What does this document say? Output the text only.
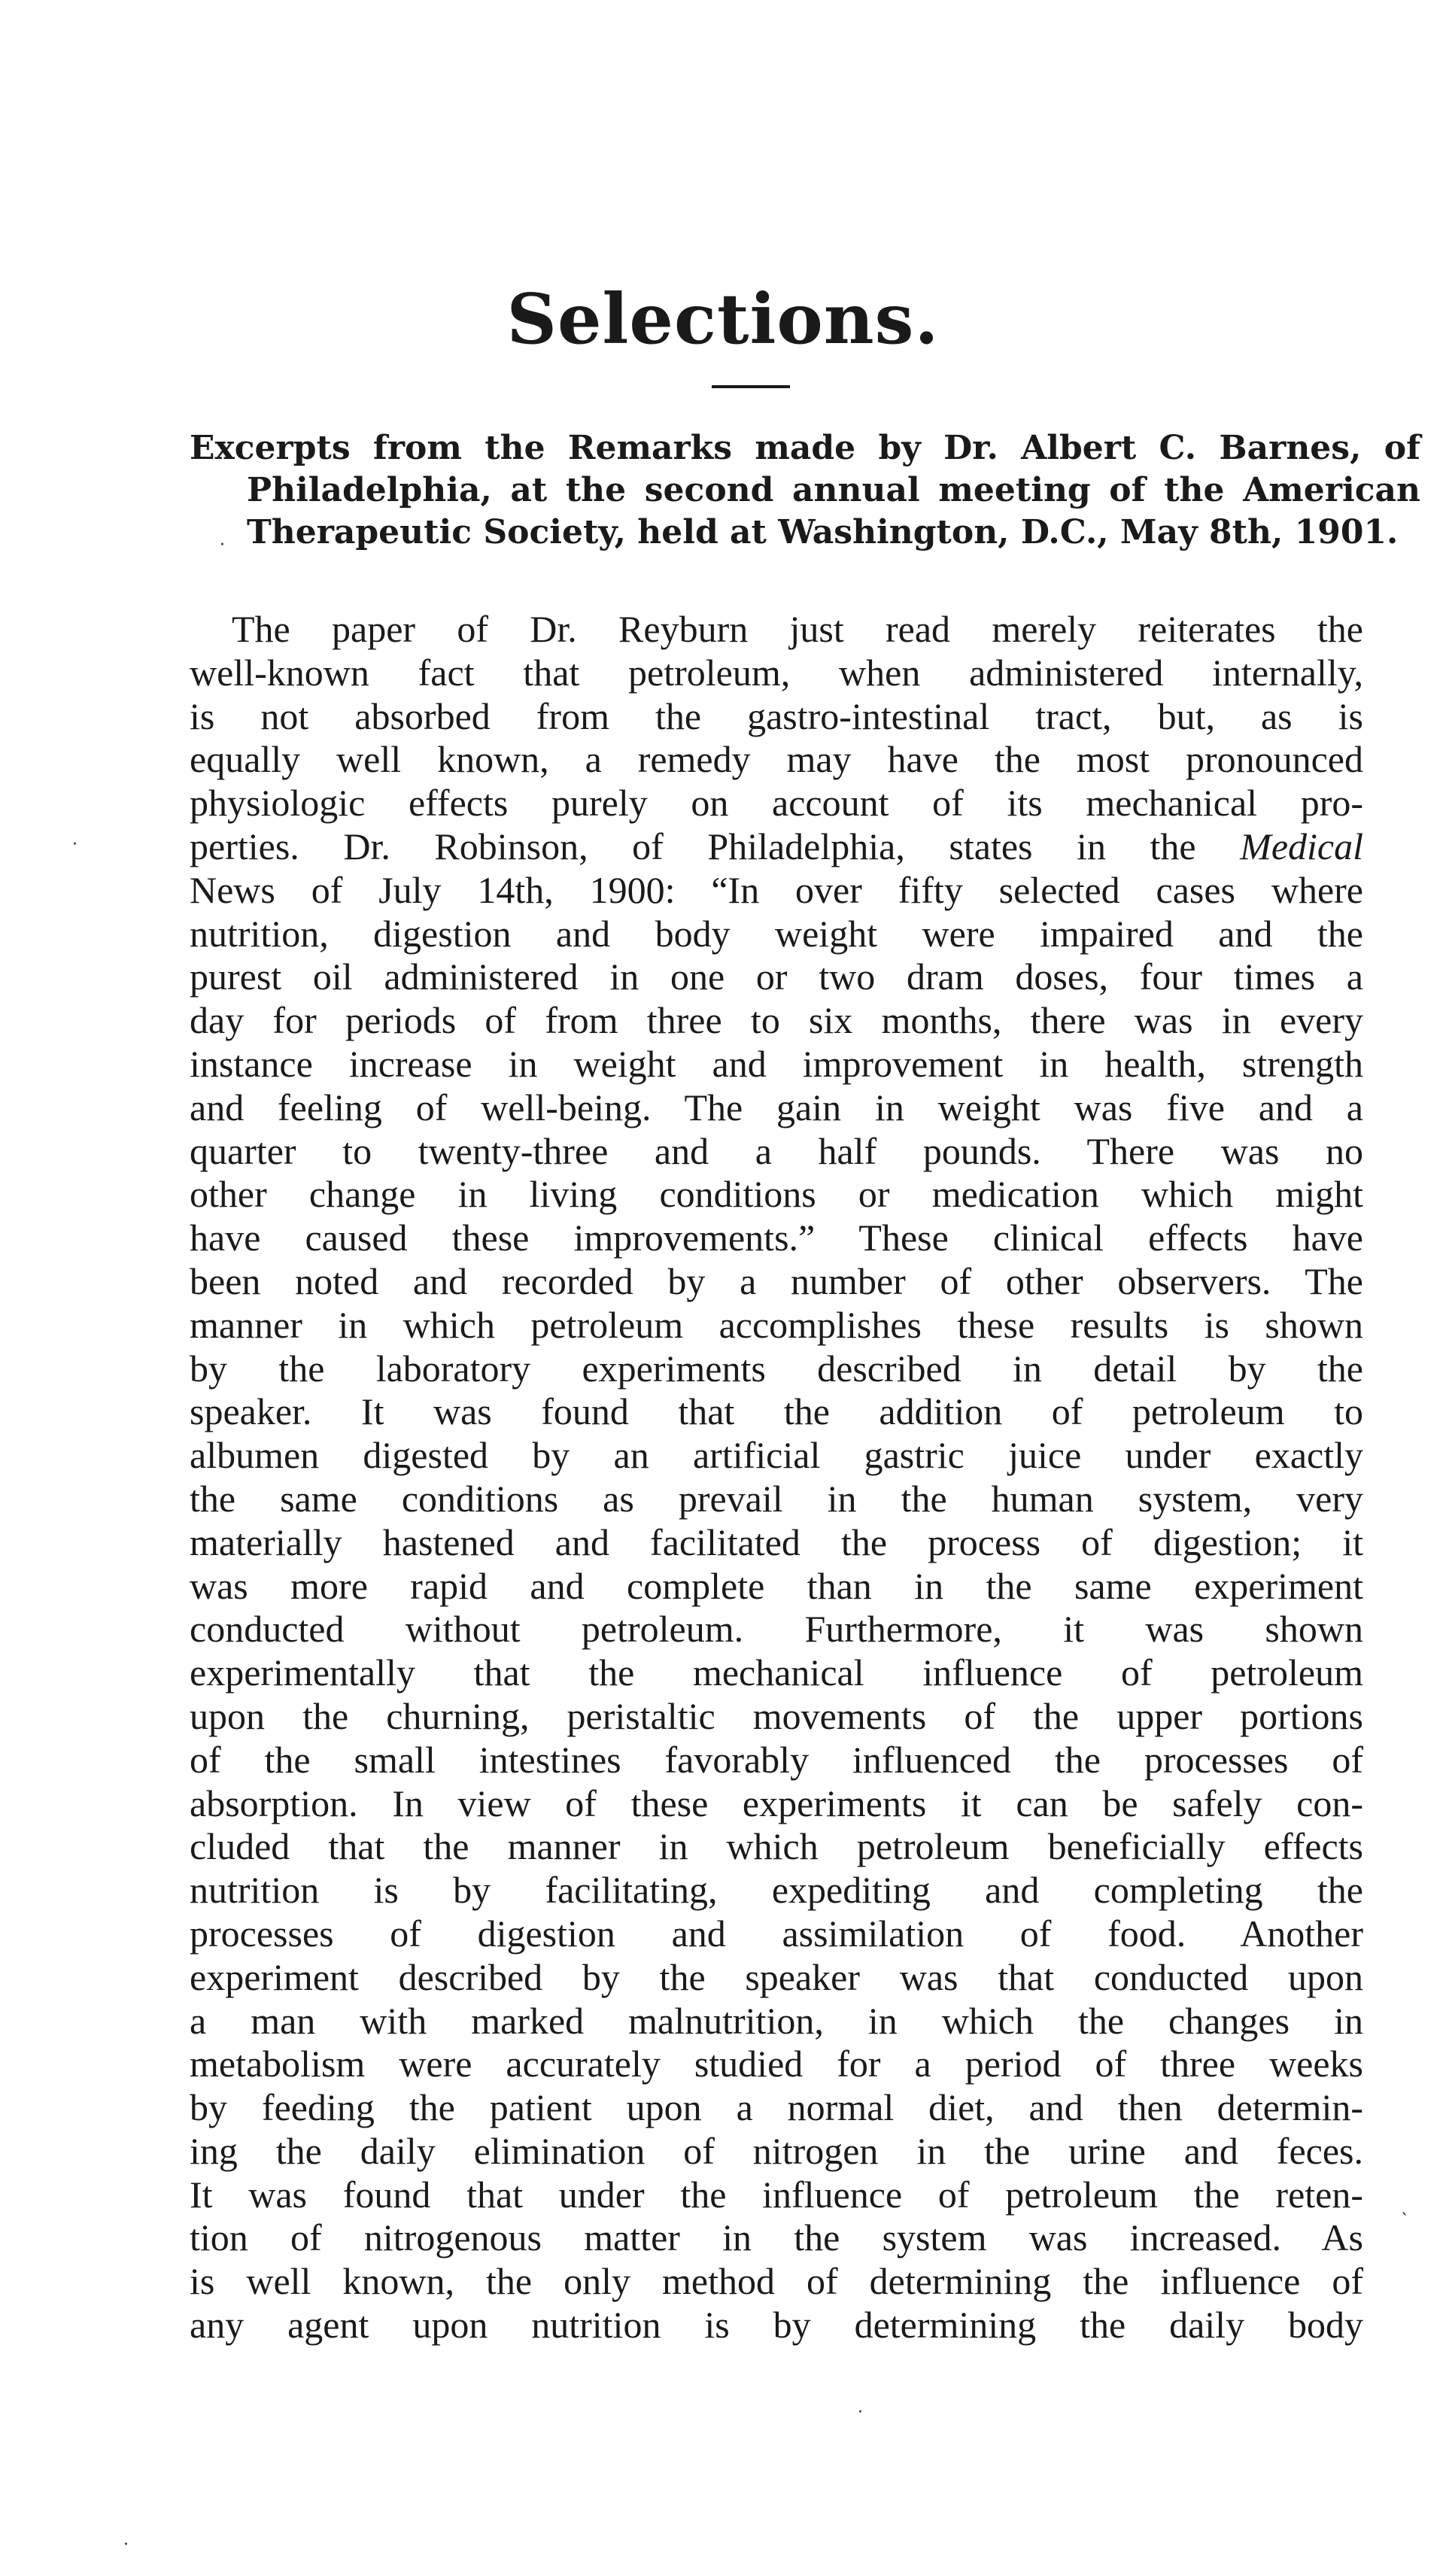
Selections.

Excerpts from the Remarks made by Dr. Albert C. Barnes, of Philadelphia, at the second annual meeting of the American Therapeutic Society, held at Washington, D.C., May 8th, 1901.

The paper of Dr. Reyburn just read merely reiterates the
well-known fact that petroleum, when administered internally,
is not absorbed from the gastro-intestinal tract, but, as is
equally well known, a remedy may have the most pronounced
physiologic effects purely on account of its mechanical pro-
perties. Dr. Robinson, of Philadelphia, states in the Medical
News of July 14th, 1900: “In over fifty selected cases where
nutrition, digestion and body weight were impaired and the
purest oil administered in one or two dram doses, four times a
day for periods of from three to six months, there was in every
instance increase in weight and improvement in health, strength
and feeling of well-being. The gain in weight was five and a
quarter to twenty-three and a half pounds. There was no
other change in living conditions or medication which might
have caused these improvements.” These clinical effects have
been noted and recorded by a number of other observers. The
manner in which petroleum accomplishes these results is shown
by the laboratory experiments described in detail by the
speaker. It was found that the addition of petroleum to
albumen digested by an artificial gastric juice under exactly
the same conditions as prevail in the human system, very
materially hastened and facilitated the process of digestion; it
was more rapid and complete than in the same experiment
conducted without petroleum. Furthermore, it was shown
experimentally that the mechanical influence of petroleum
upon the churning, peristaltic movements of the upper portions
of the small intestines favorably influenced the processes of
absorption. In view of these experiments it can be safely con-
cluded that the manner in which petroleum beneficially effects
nutrition is by facilitating, expediting and completing the
processes of digestion and assimilation of food. Another
experiment described by the speaker was that conducted upon
a man with marked malnutrition, in which the changes in
metabolism were accurately studied for a period of three weeks
by feeding the patient upon a normal diet, and then determin-
ing the daily elimination of nitrogen in the urine and feces.
It was found that under the influence of petroleum the reten-
tion of nitrogenous matter in the system was increased. As
is well known, the only method of determining the influence of
any agent upon nutrition is by determining the daily body
·
·
ˎ
·
·
